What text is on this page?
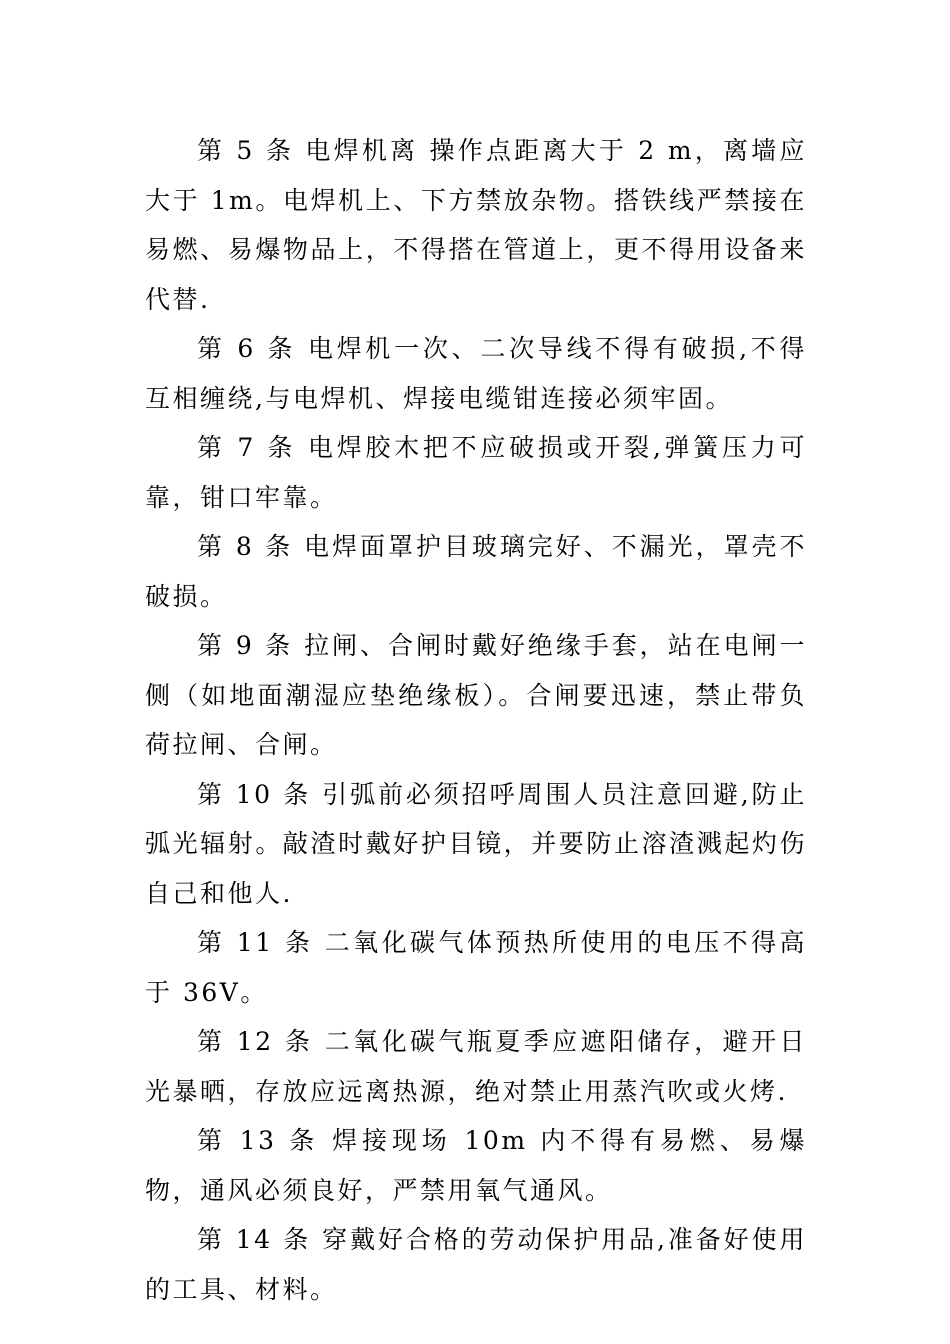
第 5 条 电焊机离 操作点距离大于 2 m，离墙应大于 1m。电焊机上、下方禁放杂物。搭铁线严禁接在易燃、易爆物品上，不得搭在管道上，更不得用设备来代替.

第 6 条 电焊机一次、二次导线不得有破损,不得互相缠绕,与电焊机、焊接电缆钳连接必须牢固。

第 7 条 电焊胶木把不应破损或开裂,弹簧压力可靠，钳口牢靠。

第 8 条 电焊面罩护目玻璃完好、不漏光，罩壳不破损。

第 9 条 拉闸、合闸时戴好绝缘手套，站在电闸一侧（如地面潮湿应垫绝缘板）。合闸要迅速，禁止带负荷拉闸、合闸。

第 10 条 引弧前必须招呼周围人员注意回避,防止弧光辐射。敲渣时戴好护目镜，并要防止溶渣溅起灼伤自己和他人.

第 11 条 二氧化碳气体预热所使用的电压不得高于 36V。

第 12 条 二氧化碳气瓶夏季应遮阳储存，避开日光暴晒，存放应远离热源，绝对禁止用蒸汽吹或火烤.

第 13 条 焊接现场 10m 内不得有易燃、易爆物，通风必须良好，严禁用氧气通风。

第 14 条 穿戴好合格的劳动保护用品,准备好使用的工具、材料。
